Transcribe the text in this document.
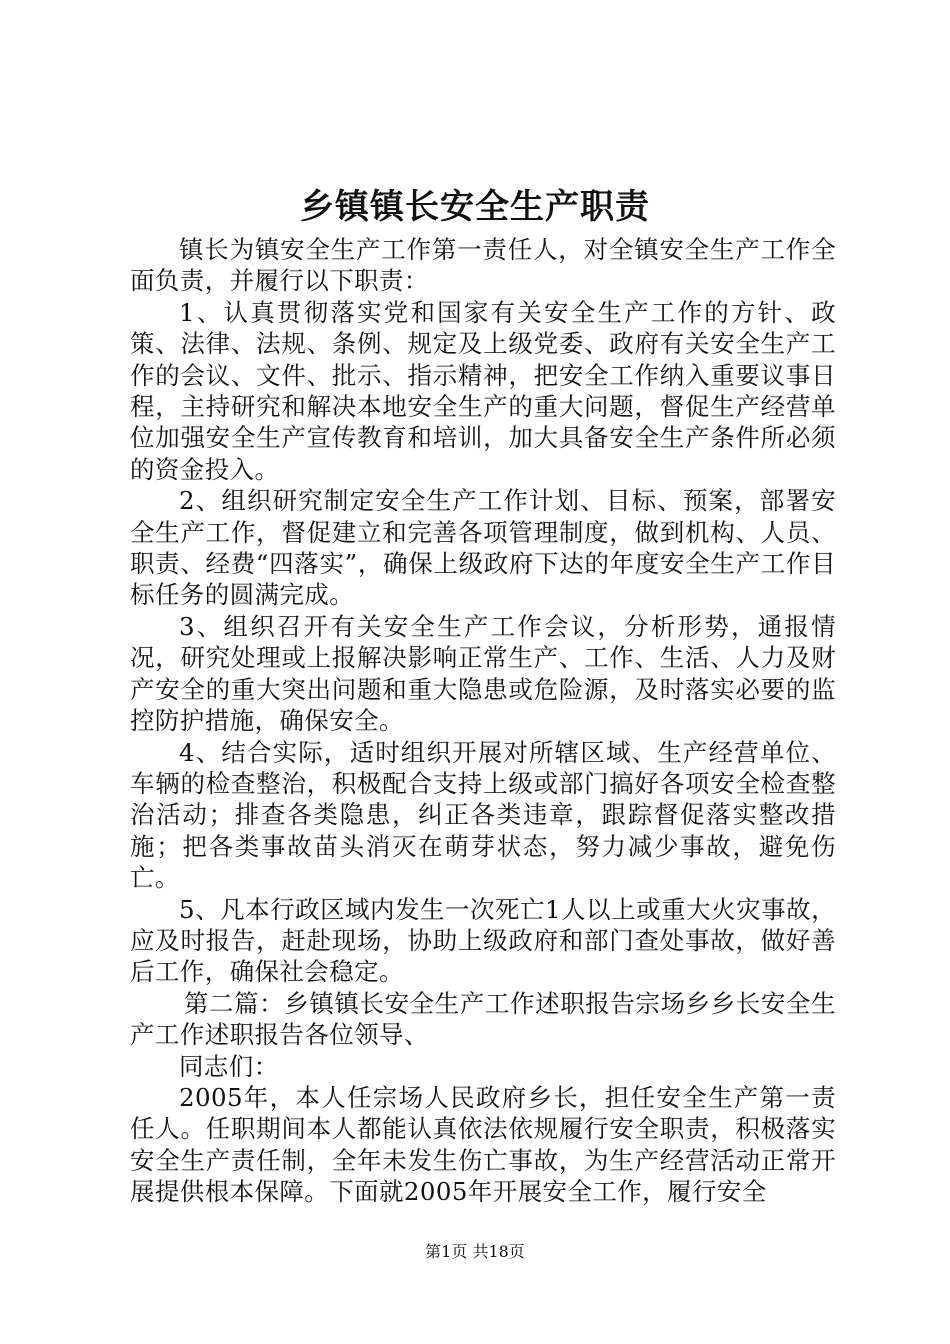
乡镇镇长安全生产职责

镇长为镇安全生产工作第一责任人，对全镇安全生产工作全面负责，并履行以下职责：

1、认真贯彻落实党和国家有关安全生产工作的方针、政策、法律、法规、条例、规定及上级党委、政府有关安全生产工作的会议、文件、批示、指示精神，把安全工作纳入重要议事日程，主持研究和解决本地安全生产的重大问题，督促生产经营单位加强安全生产宣传教育和培训，加大具备安全生产条件所必须的资金投入。

2、组织研究制定安全生产工作计划、目标、预案，部署安全生产工作，督促建立和完善各项管理制度，做到机构、人员、职责、经费“四落实”，确保上级政府下达的年度安全生产工作目标任务的圆满完成。

3、组织召开有关安全生产工作会议，分析形势，通报情况，研究处理或上报解决影响正常生产、工作、生活、人力及财产安全的重大突出问题和重大隐患或危险源，及时落实必要的监控防护措施，确保安全。

4、结合实际，适时组织开展对所辖区域、生产经营单位、车辆的检查整治，积极配合支持上级或部门搞好各项安全检查整治活动；排查各类隐患，纠正各类违章，跟踪督促落实整改措施；把各类事故苗头消灭在萌芽状态，努力减少事故，避免伤亡。

5、凡本行政区域内发生一次死亡1人以上或重大火灾事故，应及时报告，赶赴现场，协助上级政府和部门查处事故，做好善后工作，确保社会稳定。

第二篇：乡镇镇长安全生产工作述职报告宗场乡乡长安全生产工作述职报告各位领导、

同志们：

2005年，本人任宗场人民政府乡长，担任安全生产第一责任人。任职期间本人都能认真依法依规履行安全职责，积极落实安全生产责任制，全年未发生伤亡事故，为生产经营活动正常开展提供根本保障。下面就2005年开展安全工作，履行安全

第1页 共18页
